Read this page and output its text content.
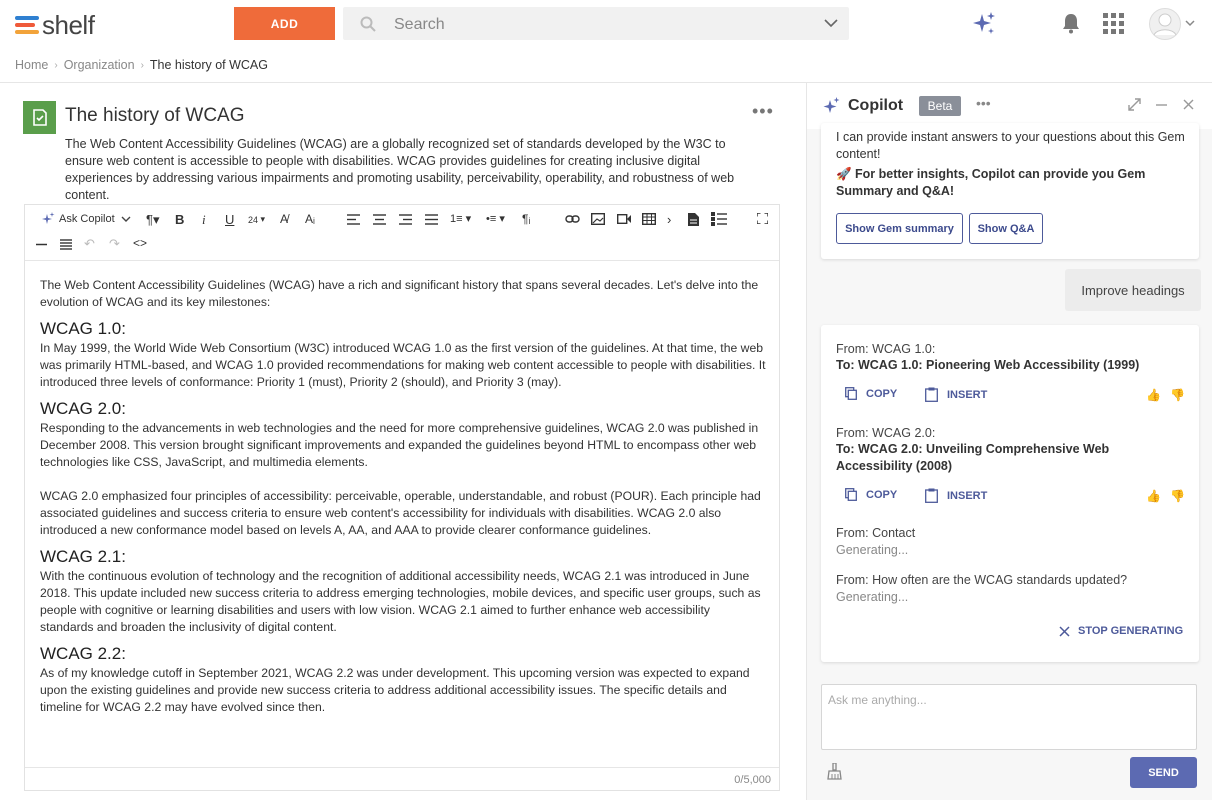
shelf	ADD	Search
Home › Organization › The history of WCAG
The history of WCAG	•••
The Web Content Accessibility Guidelines (WCAG) are a globally recognized set of standards developed by the W3C to ensure web content is accessible to people with disabilities. WCAG provides guidelines for creating inclusive digital experiences by addressing various impairments and promoting usability, perceivability, operability, and robustness of web content.
Ask Copilot ¶▾ B i U 24 ▾ A̸ Aᵢ	1≡ ▾ •≡ ▾ ¶ᵢ	›
↶ ↷ <>

The Web Content Accessibility Guidelines (WCAG) have a rich and significant history that spans several decades. Let's delve into the evolution of WCAG and its key milestones:

WCAG 1.0:

In May 1999, the World Wide Web Consortium (W3C) introduced WCAG 1.0 as the first version of the guidelines. At that time, the web was primarily HTML-based, and WCAG 1.0 provided recommendations for making web content accessible to people with disabilities. It introduced three levels of conformance: Priority 1 (must), Priority 2 (should), and Priority 3 (may).

WCAG 2.0:

Responding to the advancements in web technologies and the need for more comprehensive guidelines, WCAG 2.0 was published in December 2008. This version brought significant improvements and expanded the guidelines beyond HTML to encompass other web technologies like CSS, JavaScript, and multimedia elements.

WCAG 2.0 emphasized four principles of accessibility: perceivable, operable, understandable, and robust (POUR). Each principle had associated guidelines and success criteria to ensure web content's accessibility for individuals with disabilities. WCAG 2.0 also introduced a new conformance model based on levels A, AA, and AAA to provide clearer conformance guidelines.

WCAG 2.1:

With the continuous evolution of technology and the recognition of additional accessibility needs, WCAG 2.1 was introduced in June 2018. This update included new success criteria to address emerging technologies, mobile devices, and specific user groups, such as people with cognitive or learning disabilities and users with low vision. WCAG 2.1 aimed to further enhance web accessibility standards and broaden the inclusivity of digital content.

WCAG 2.2:

As of my knowledge cutoff in September 2021, WCAG 2.2 was under development. This upcoming version was expected to expand upon the existing guidelines and provide new success criteria to address additional accessibility issues. The specific details and timeline for WCAG 2.2 may have evolved since then.

0/5,000
Copilot	Beta	•••
I can provide instant answers to your questions about this Gem content!
🚀 For better insights, Copilot can provide you Gem Summary and Q&A!
Show Gem summary	Show Q&A
Improve headings
From: WCAG 1.0:
To: WCAG 1.0: Pioneering Web Accessibility (1999)
COPY	INSERT	👍 👎
From: WCAG 2.0:
To: WCAG 2.0: Unveiling Comprehensive Web Accessibility (2008)
COPY	INSERT	👍 👎
From: Contact
Generating...
From: How often are the WCAG standards updated?
Generating...
STOP GENERATING
Ask me anything...
SEND
